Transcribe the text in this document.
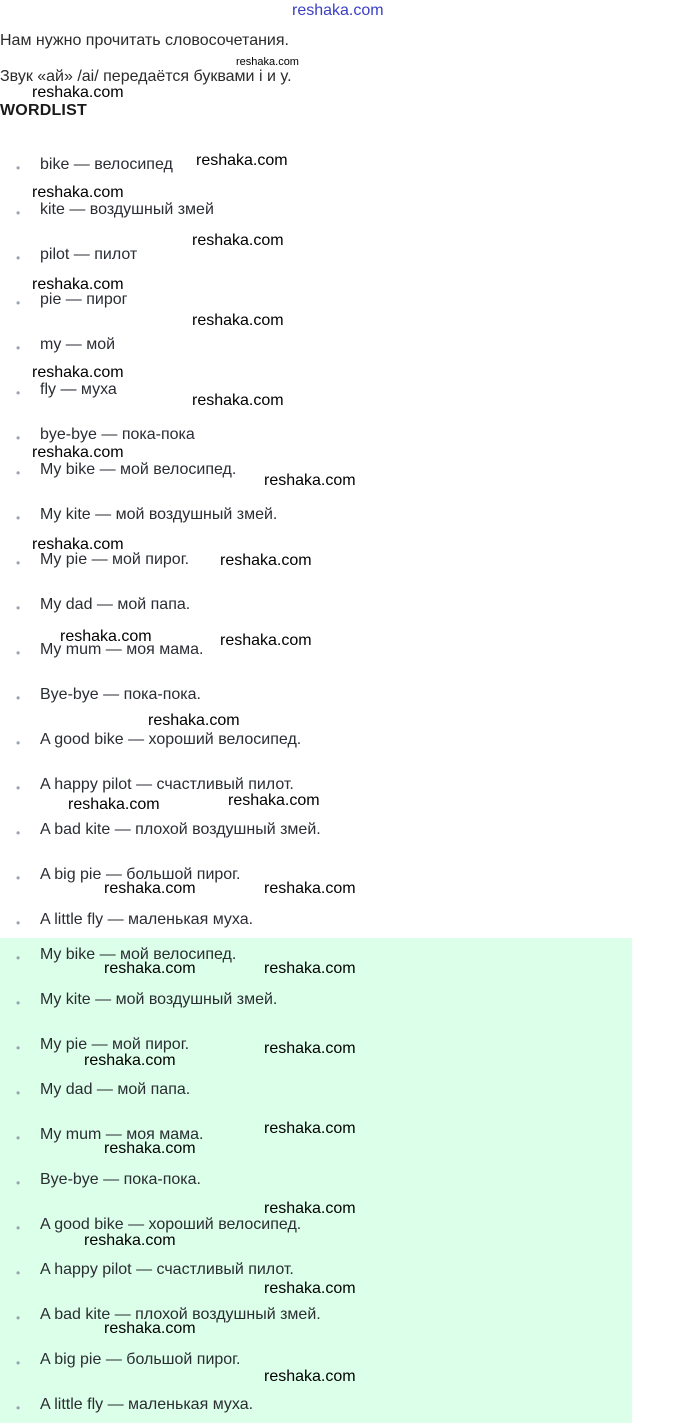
reshaka.com
Нам нужно прочитать словосочетания.
Звук «ай» /ai/ передаётся буквами i и y.
WORDLIST
• bike — велосипед
• kite — воздушный змей
• pilot — пилот
• pie — пирог
• my — мой
• fly — муха
• bye-bye — пока-пока
• My bike — мой велосипед.
• My kite — мой воздушный змей.
• My pie — мой пирог.
• My dad — мой папа.
• My mum — моя мама.
• Bye-bye — пока-пока.
• A good bike — хороший велосипед.
• A happy pilot — счастливый пилот.
• A bad kite — плохой воздушный змей.
• A big pie — большой пирог.
• A little fly — маленькая муха.
• My bike — мой велосипед.
• My kite — мой воздушный змей.
• My pie — мой пирог.
• My dad — мой папа.
• My mum — моя мама.
• Bye-bye — пока-пока.
• A good bike — хороший велосипед.
• A happy pilot — счастливый пилот.
• A bad kite — плохой воздушный змей.
• A big pie — большой пирог.
• A little fly — маленькая муха.
reshaka.com
reshaka.com
reshaka.com
reshaka.com
reshaka.com
reshaka.com
reshaka.com
reshaka.com
reshaka.com
reshaka.com
reshaka.com
reshaka.com
reshaka.com
reshaka.com	reshaka.com
reshaka.com
reshaka.com	reshaka.com
reshaka.com	reshaka.com
reshaka.com	reshaka.com
reshaka.com
reshaka.com
reshaka.com
reshaka.com
reshaka.com
reshaka.com
reshaka.com
reshaka.com
reshaka.com
